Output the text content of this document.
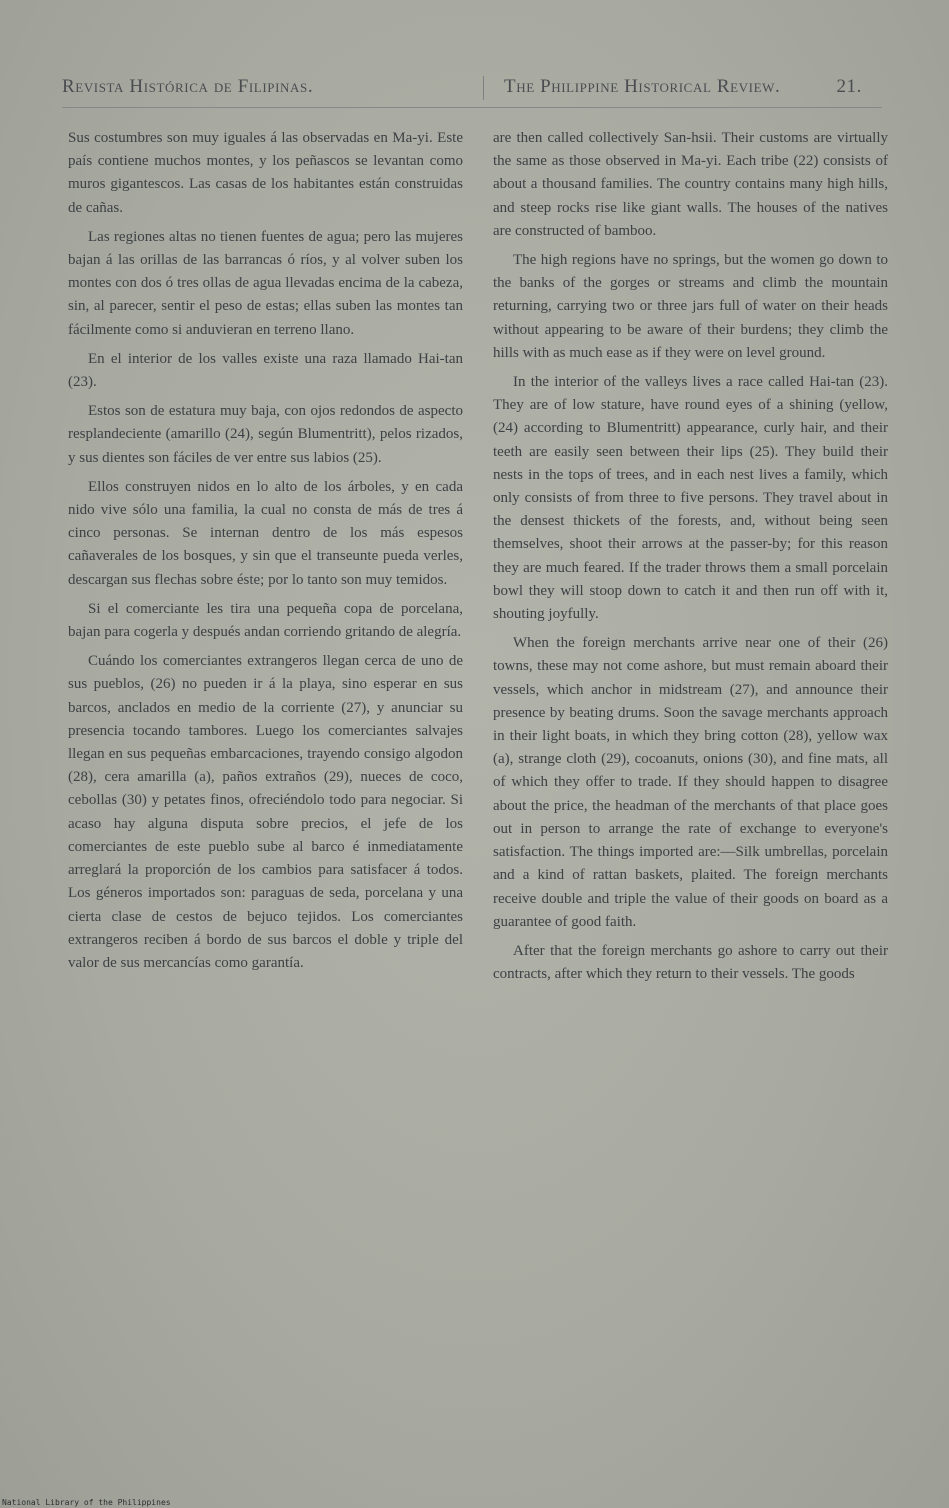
Revista Histórica de Filipinas.	The Philippine Historical Review.	21.

Sus costumbres son muy iguales á las observadas en Ma-yi. Este país contiene muchos montes, y los peñascos se levantan como muros gigantescos. Las casas de los habitantes están construidas de cañas.

Las regiones altas no tienen fuentes de agua; pero las mujeres bajan á las orillas de las barrancas ó ríos, y al volver suben los montes con dos ó tres ollas de agua llevadas encima de la cabeza, sin, al parecer, sentir el peso de estas; ellas suben las montes tan fácilmente como si anduvieran en terreno llano.

En el interior de los valles existe una raza llamado Hai-tan (23).

Estos son de estatura muy baja, con ojos redondos de aspecto resplandeciente (amarillo (24), según Blumentritt), pelos rizados, y sus dientes son fáciles de ver entre sus labios (25).

Ellos construyen nidos en lo alto de los árboles, y en cada nido vive sólo una familia, la cual no consta de más de tres á cinco personas. Se internan dentro de los más espesos cañaverales de los bosques, y sin que el transeunte pueda verles, descargan sus flechas sobre éste; por lo tanto son muy temidos.

Si el comerciante les tira una pequeña copa de porcelana, bajan para cogerla y después andan corriendo gritando de alegría.

Cuándo los comerciantes extrangeros llegan cerca de uno de sus pueblos, (26) no pueden ir á la playa, sino esperar en sus barcos, anclados en medio de la corriente (27), y anunciar su presencia tocando tambores. Luego los comerciantes salvajes llegan en sus pequeñas embarcaciones, trayendo consigo algodon (28), cera amarilla (a), paños extraños (29), nueces de coco, cebollas (30) y petates finos, ofreciéndolo todo para negociar. Si acaso hay alguna disputa sobre precios, el jefe de los comerciantes de este pueblo sube al barco é inmediatamente arreglará la proporción de los cambios para satisfacer á todos. Los géneros importados son: paraguas de seda, porcelana y una cierta clase de cestos de bejuco tejidos. Los comerciantes extrangeros reciben á bordo de sus barcos el doble y triple del valor de sus mercancías como garantía.

are then called collectively San-hsii. Their customs are virtually the same as those observed in Ma-yi. Each tribe (22) consists of about a thousand families. The country contains many high hills, and steep rocks rise like giant walls. The houses of the natives are constructed of bamboo.

The high regions have no springs, but the women go down to the banks of the gorges or streams and climb the mountain returning, carrying two or three jars full of water on their heads without appearing to be aware of their burdens; they climb the hills with as much ease as if they were on level ground.

In the interior of the valleys lives a race called Hai-tan (23). They are of low stature, have round eyes of a shining (yellow, (24) according to Blumentritt) appearance, curly hair, and their teeth are easily seen between their lips (25). They build their nests in the tops of trees, and in each nest lives a family, which only consists of from three to five persons. They travel about in the densest thickets of the forests, and, without being seen themselves, shoot their arrows at the passer-by; for this reason they are much feared. If the trader throws them a small porcelain bowl they will stoop down to catch it and then run off with it, shouting joyfully.

When the foreign merchants arrive near one of their (26) towns, these may not come ashore, but must remain aboard their vessels, which anchor in midstream (27), and announce their presence by beating drums. Soon the savage merchants approach in their light boats, in which they bring cotton (28), yellow wax (a), strange cloth (29), cocoanuts, onions (30), and fine mats, all of which they offer to trade. If they should happen to disagree about the price, the headman of the merchants of that place goes out in person to arrange the rate of exchange to everyone's satisfaction. The things imported are:—Silk umbrellas, porcelain and a kind of rattan baskets, plaited. The foreign merchants receive double and triple the value of their goods on board as a guarantee of good faith.

After that the foreign merchants go ashore to carry out their contracts, after which they return to their vessels. The goods

National Library of the Philippines
